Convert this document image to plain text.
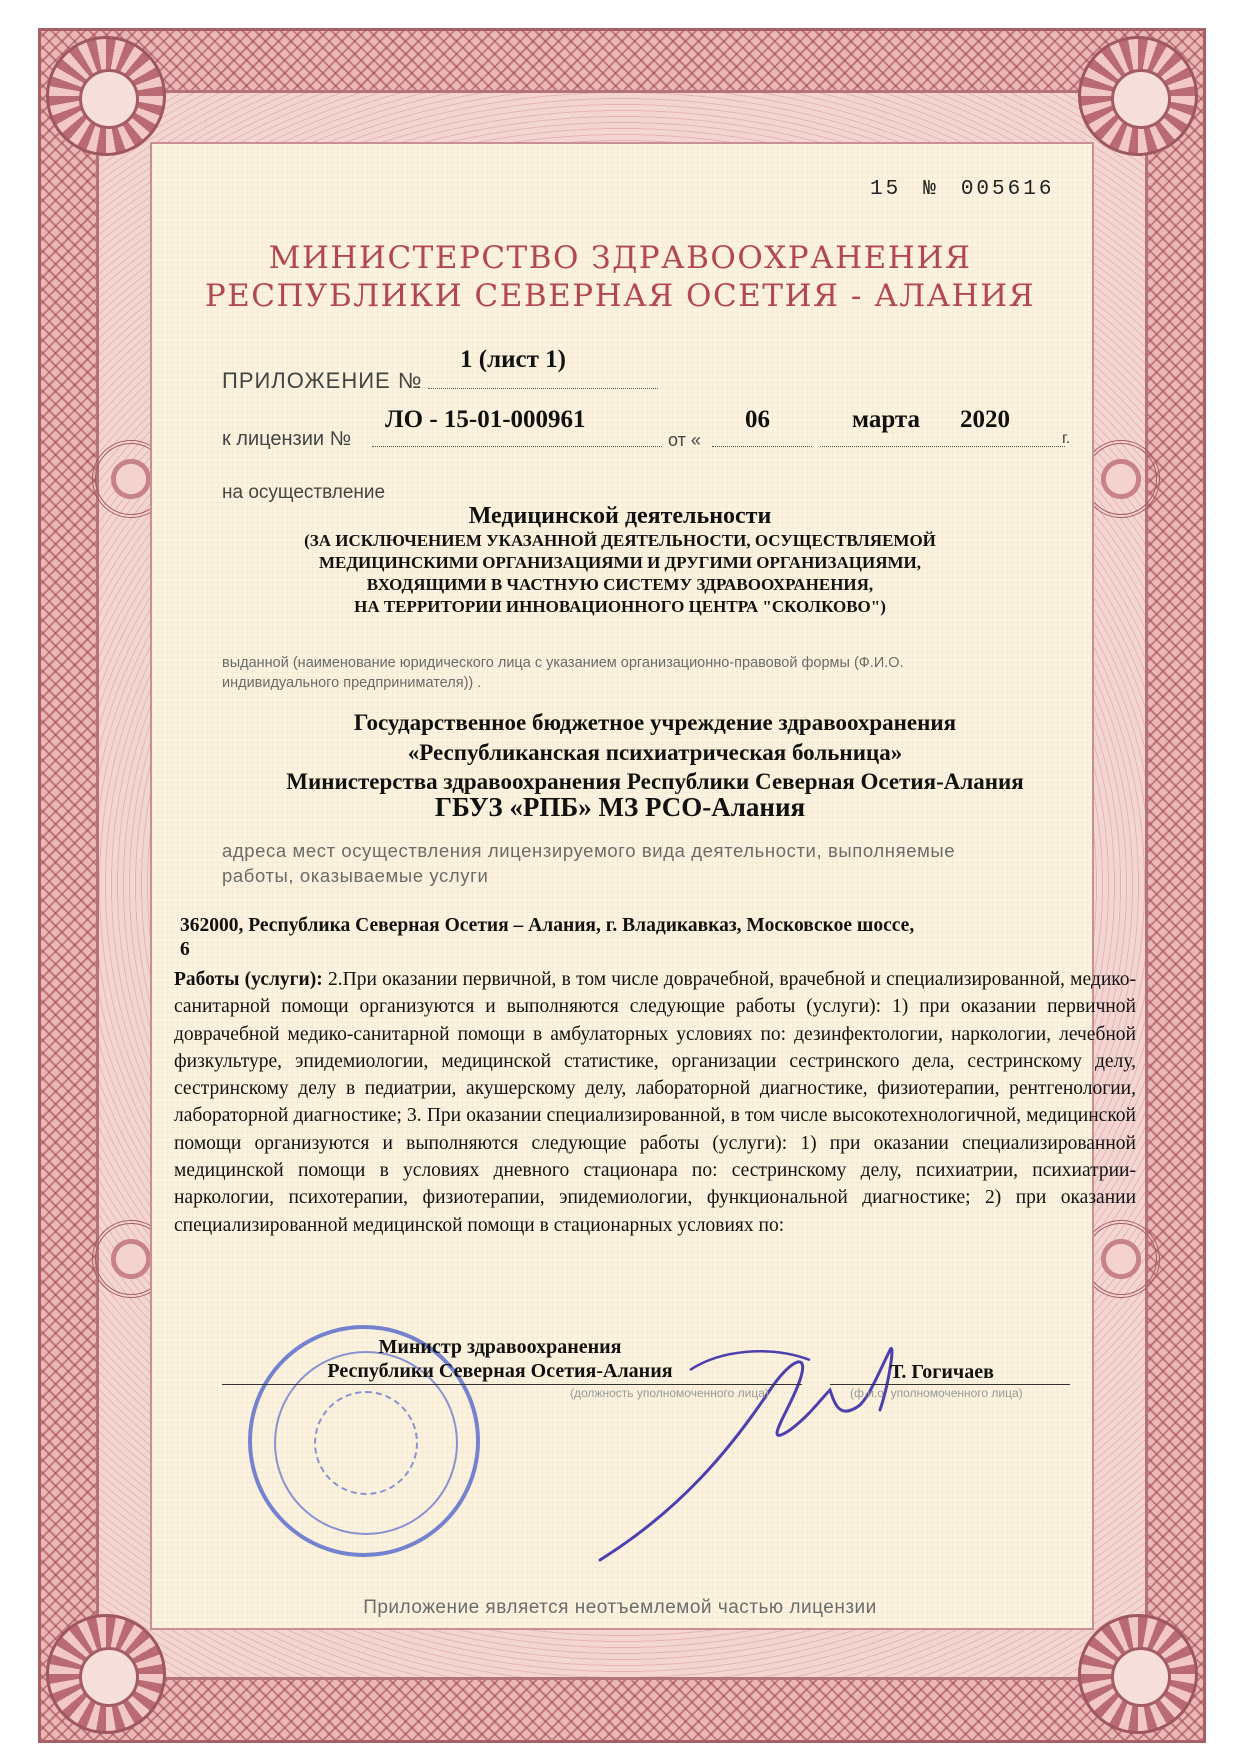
15 № 005616
МИНИСТЕРСТВО ЗДРАВООХРАНЕНИЯ
РЕСПУБЛИКИ СЕВЕРНАЯ ОСЕТИЯ - АЛАНИЯ
ПРИЛОЖЕНИЕ №
1 (лист 1)
к лицензии №
ЛО - 15-01-000961
от «
06	марта 2020
г.
на осуществление
Медицинской деятельности
(ЗА ИСКЛЮЧЕНИЕМ УКАЗАННОЙ ДЕЯТЕЛЬНОСТИ, ОСУЩЕСТВЛЯЕМОЙ
МЕДИЦИНСКИМИ ОРГАНИЗАЦИЯМИ И ДРУГИМИ ОРГАНИЗАЦИЯМИ,
ВХОДЯЩИМИ В ЧАСТНУЮ СИСТЕМУ ЗДРАВООХРАНЕНИЯ,
НА ТЕРРИТОРИИ ИННОВАЦИОННОГО ЦЕНТРА "СКОЛКОВО")
выданной (наименование юридического лица с указанием организационно-правовой формы (Ф.И.О.
индивидуального предпринимателя)) .
Государственное бюджетное учреждение здравоохранения
«Республиканская психиатрическая больница»
Министерства здравоохранения Республики Северная Осетия-Алания
ГБУЗ «РПБ» МЗ РСО-Алания
адреса мест осуществления лицензируемого вида деятельности, выполняемые
работы, оказываемые услуги
362000, Республика Северная Осетия – Алания, г. Владикавказ, Московское шоссе,
6
Работы (услуги): 2.При оказании первичной, в том числе доврачебной, врачебной и специализированной, медико-санитарной помощи организуются и выполняются следующие работы (услуги): 1) при оказании первичной доврачебной медико-санитарной помощи в амбулаторных условиях по: дезинфектологии, наркологии, лечебной физкультуре, эпидемиологии, медицинской статистике, организации сестринского дела, сестринскому делу, сестринскому делу в педиатрии, акушерскому делу, лабораторной диагностике, физиотерапии, рентгенологии, лабораторной диагностике; 3. При оказании специализированной, в том числе высокотехнологичной, медицинской помощи организуются и выполняются следующие работы (услуги): 1) при оказании специализированной медицинской помощи в условиях дневного стационара по: сестринскому делу, психиатрии, психиатрии-наркологии, психотерапии, физиотерапии, эпидемиологии, функциональной диагностике; 2) при оказании специализированной медицинской помощи в стационарных условиях по:
Министр здравоохранения
Республики Северная Осетия-Алания
(должность уполномоченного лица)
Т. Гогичаев
(ф.и.о. уполномоченного лица)
Приложение является неотъемлемой частью лицензии
